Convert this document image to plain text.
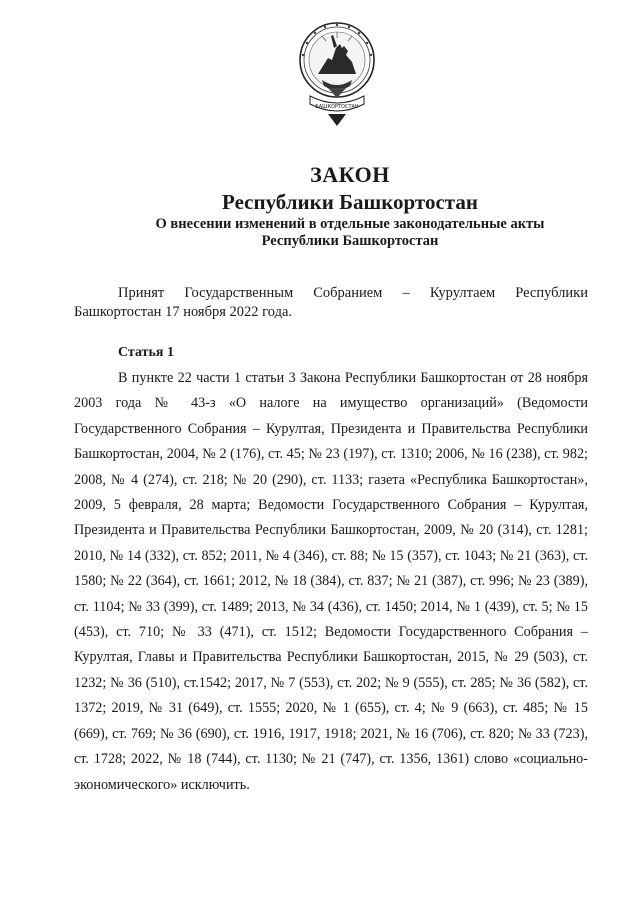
БАШКОРТОСТАН
ЗАКОН
Республики Башкортостан
О внесении изменений в отдельные законодательные акты
Республики Башкортостан
Принят Государственным Собранием – Курултаем Республики Башкортостан 17 ноября 2022 года.
Статья 1
В пункте 22 части 1 статьи 3 Закона Республики Башкортостан от 28 ноября 2003 года № 43-з «О налоге на имущество организаций» (Ведомости Государственного Собрания – Курултая, Президента и Правительства Республики Башкортостан, 2004, № 2 (176), ст. 45; № 23 (197), ст. 1310; 2006, № 16 (238), ст. 982; 2008, № 4 (274), ст. 218; № 20 (290), ст. 1133; газета «Республика Башкортостан», 2009, 5 февраля, 28 марта; Ведомости Государственного Собрания – Курултая, Президента и Правительства Республики Башкортостан, 2009, № 20 (314), ст. 1281; 2010, № 14 (332), ст. 852; 2011, № 4 (346), ст. 88; № 15 (357), ст. 1043; № 21 (363), ст. 1580; № 22 (364), ст. 1661; 2012, № 18 (384), ст. 837; № 21 (387), ст. 996; № 23 (389), ст. 1104; № 33 (399), ст. 1489; 2013, № 34 (436), ст. 1450; 2014, № 1 (439), ст. 5; № 15 (453), ст. 710; № 33 (471), ст. 1512; Ведомости Государственного Собрания – Курултая, Главы и Правительства Республики Башкортостан, 2015, № 29 (503), ст. 1232; № 36 (510), ст.1542; 2017, № 7 (553), ст. 202; № 9 (555), ст. 285; № 36 (582), ст. 1372; 2019, № 31 (649), ст. 1555; 2020, № 1 (655), ст. 4; № 9 (663), ст. 485; № 15 (669), ст. 769; № 36 (690), ст. 1916, 1917, 1918; 2021, № 16 (706), ст. 820; № 33 (723), ст. 1728; 2022, № 18 (744), ст. 1130; № 21 (747), ст. 1356, 1361) слово «социально-экономического» исключить.
